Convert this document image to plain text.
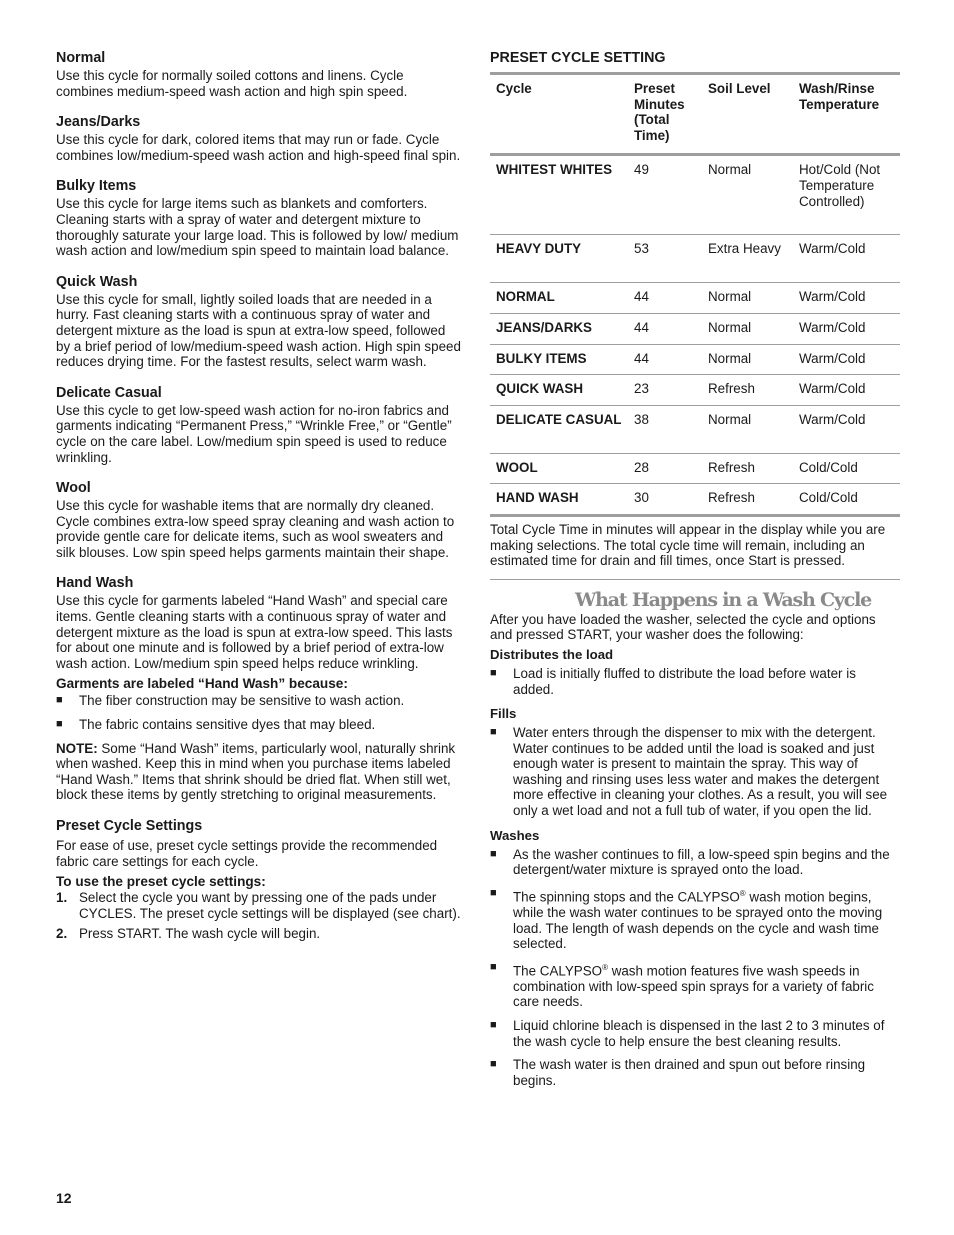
Normal

Use this cycle for normally soiled cottons and linens. Cycle combines medium-speed wash action and high spin speed.

Jeans/Darks

Use this cycle for dark, colored items that may run or fade. Cycle combines low/medium-speed wash action and high-speed final spin.

Bulky Items

Use this cycle for large items such as blankets and comforters. Cleaning starts with a spray of water and detergent mixture to thoroughly saturate your large load. This is followed by low/ medium wash action and low/medium spin speed to maintain load balance.

Quick Wash

Use this cycle for small, lightly soiled loads that are needed in a hurry. Fast cleaning starts with a continuous spray of water and detergent mixture as the load is spun at extra-low speed, followed by a brief period of low/medium-speed wash action. High spin speed reduces drying time. For the fastest results, select warm wash.

Delicate Casual

Use this cycle to get low-speed wash action for no-iron fabrics and garments indicating “Permanent Press,” “Wrinkle Free,” or “Gentle” cycle on the care label. Low/medium spin speed is used to reduce wrinkling.

Wool

Use this cycle for washable items that are normally dry cleaned. Cycle combines extra-low speed spray cleaning and wash action to provide gentle care for delicate items, such as wool sweaters and silk blouses. Low spin speed helps garments maintain their shape.

Hand Wash

Use this cycle for garments labeled “Hand Wash” and special care items. Gentle cleaning starts with a continuous spray of water and detergent mixture as the load is spun at extra-low speed. This lasts for about one minute and is followed by a brief period of extra-low wash action. Low/medium spin speed helps reduce wrinkling.

Garments are labeled “Hand Wash” because:

■ The fiber construction may be sensitive to wash action.
■ The fabric contains sensitive dyes that may bleed.

NOTE: Some “Hand Wash” items, particularly wool, naturally shrink when washed. Keep this in mind when you purchase items labeled “Hand Wash.” Items that shrink should be dried flat. When still wet, block these items by gently stretching to original measurements.

Preset Cycle Settings

For ease of use, preset cycle settings provide the recommended fabric care settings for each cycle.

To use the preset cycle settings:

1. Select the cycle you want by pressing one of the pads under CYCLES. The preset cycle settings will be displayed (see chart).
2. Press START. The wash cycle will begin.

PRESET CYCLE SETTING

Cycle	Preset Minutes (Total Time)	Soil Level	Wash/Rinse Temperature
WHITEST WHITES	49	Normal	Hot/Cold (Not Temperature Controlled)
HEAVY DUTY	53	Extra Heavy	Warm/Cold
NORMAL	44	Normal	Warm/Cold
JEANS/DARKS	44	Normal	Warm/Cold
BULKY ITEMS	44	Normal	Warm/Cold
QUICK WASH	23	Refresh	Warm/Cold
DELICATE CASUAL	38	Normal	Warm/Cold
WOOL	28	Refresh	Cold/Cold
HAND WASH	30	Refresh	Cold/Cold

Total Cycle Time in minutes will appear in the display while you are making selections. The total cycle time will remain, including an estimated time for drain and fill times, once Start is pressed.

What Happens in a Wash Cycle

After you have loaded the washer, selected the cycle and options and pressed START, your washer does the following:

Distributes the load

■ Load is initially fluffed to distribute the load before water is added.

Fills

■ Water enters through the dispenser to mix with the detergent. Water continues to be added until the load is soaked and just enough water is present to maintain the spray. This way of washing and rinsing uses less water and makes the detergent more effective in cleaning your clothes. As a result, you will see only a wet load and not a full tub of water, if you open the lid.

Washes

■ As the washer continues to fill, a low-speed spin begins and the detergent/water mixture is sprayed onto the load.
■ The spinning stops and the CALYPSO® wash motion begins, while the wash water continues to be sprayed onto the moving load. The length of wash depends on the cycle and wash time selected.
■ The CALYPSO® wash motion features five wash speeds in combination with low-speed spin sprays for a variety of fabric care needs.
■ Liquid chlorine bleach is dispensed in the last 2 to 3 minutes of the wash cycle to help ensure the best cleaning results.
■ The wash water is then drained and spun out before rinsing begins.
12
